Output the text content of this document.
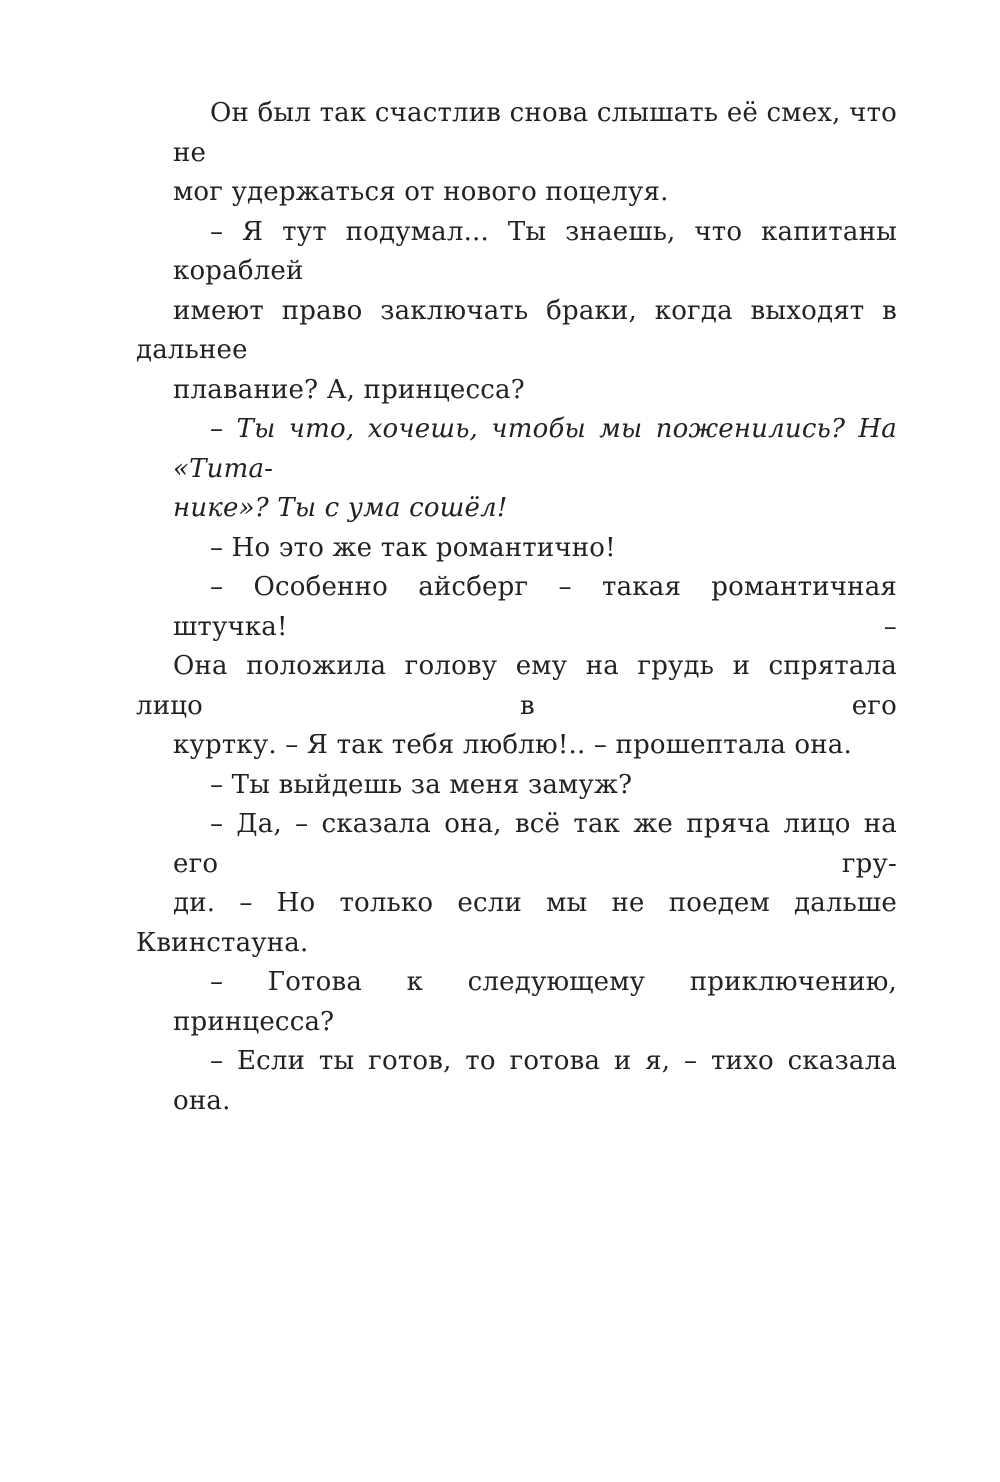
Он был так счастлив снова слышать её смех, что не
мог удержаться от нового поцелуя.
– Я тут подумал... Ты знаешь, что капитаны кораблей
имеют право заключать браки, когда выходят в дальнее
плавание? А, принцесса?
– Ты что, хочешь, чтобы мы поженились? На «Тита-
нике»? Ты с ума сошёл!
– Но это же так романтично!
– Особенно айсберг – такая романтичная штучка! –
Она положила голову ему на грудь и спрятала лицо в его
куртку. – Я так тебя люблю!.. – прошептала она.
– Ты выйдешь за меня замуж?
– Да, – сказала она, всё так же пряча лицо на его гру-
ди. – Но только если мы не поедем дальше Квинстауна.
– Готова к следующему приключению, принцесса?
– Если ты готов, то готова и я, – тихо сказала она.
